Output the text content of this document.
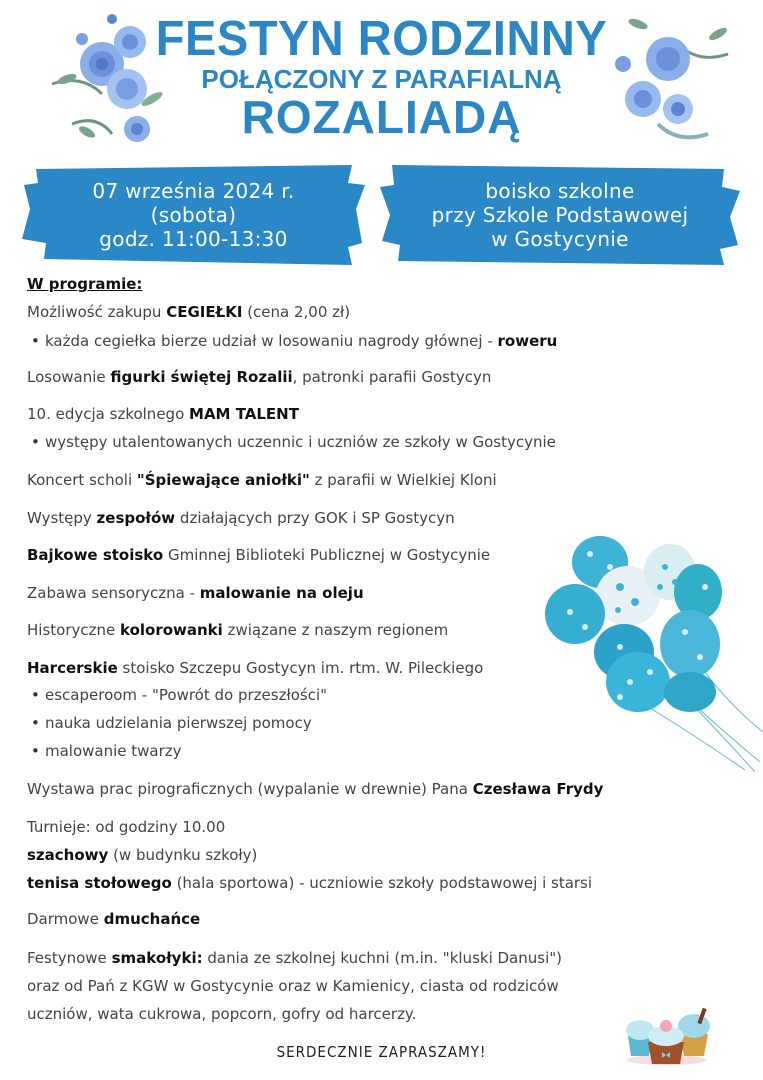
FESTYN RODZINNY
POŁĄCZONY Z PARAFIALNĄ
ROZALIADĄ
07 września 2024 r.
(sobota)
godz. 11:00-13:30
boisko szkolne
przy Szkole Podstawowej
w Gostycynie
W programie:
Możliwość zakupu CEGIEŁKI (cena 2,00 zł)
• każda cegiełka bierze udział w losowaniu nagrody głównej - roweru
Losowanie figurki świętej Rozalii, patronki parafii Gostycyn
10. edycja szkolnego MAM TALENT
• występy utalentowanych uczennic i uczniów ze szkoły w Gostycynie
Koncert scholi "Śpiewające aniołki" z parafii w Wielkiej Kloni
Występy zespołów działających przy GOK i SP Gostycyn
Bajkowe stoisko Gminnej Biblioteki Publicznej w Gostycynie
Zabawa sensoryczna - malowanie na oleju
Historyczne kolorowanki związane z naszym regionem
Harcerskie stoisko Szczepu Gostycyn im. rtm. W. Pileckiego
• escaperoom - "Powrót do przeszłości"
• nauka udzielania pierwszej pomocy
• malowanie twarzy
Wystawa prac pirograficznych (wypalanie w drewnie) Pana Czesława Frydy
Turnieje: od godziny 10.00
szachowy (w budynku szkoły)
tenisa stołowego (hala sportowa) - uczniowie szkoły podstawowej i starsi
Darmowe dmuchańce
Festynowe smakołyki: dania ze szkolnej kuchni (m.in. "kluski Danusi")
oraz od Pań z KGW w Gostycynie oraz w Kamienicy, ciasta od rodziców
uczniów, wata cukrowa, popcorn, gofry od harcerzy.
SERDECZNIE ZAPRASZAMY!
